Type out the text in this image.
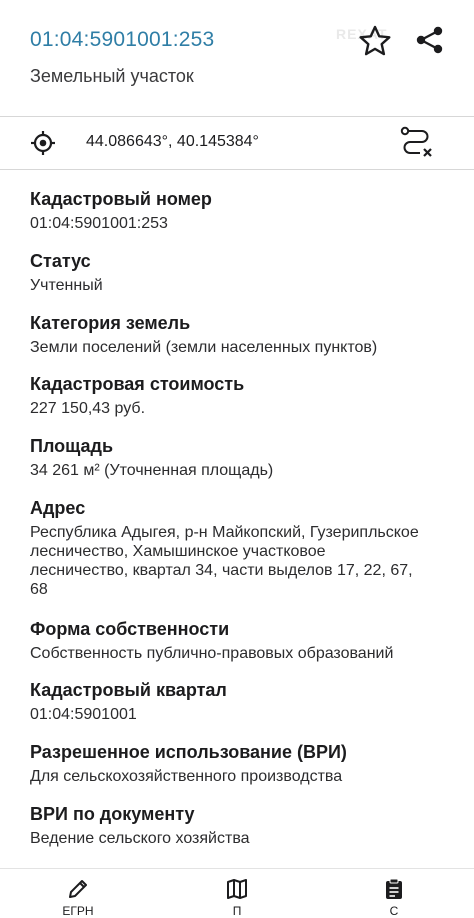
REXAT
01:04:5901001:253
Земельный участок
44.086643°, 40.145384°
Кадастровый номер
01:04:5901001:253
Статус
Учтенный
Категория земель
Земли поселений (земли населенных пунктов)
Кадастровая стоимость
227 150,43 руб.
Площадь
34 261 м² (Уточненная площадь)
Адрес
Республика Адыгея, р-н Майкопский, Гузерипльское лесничество, Хамышинское участковое лесничество, квартал 34, части выделов 17, 22, 67, 68
Форма собственности
Собственность публично-правовых образований
Кадастровый квартал
01:04:5901001
Разрешенное использование (ВРИ)
Для сельскохозяйственного производства
ВРИ по документу
Ведение сельского хозяйства
ЕГРН	П	С
